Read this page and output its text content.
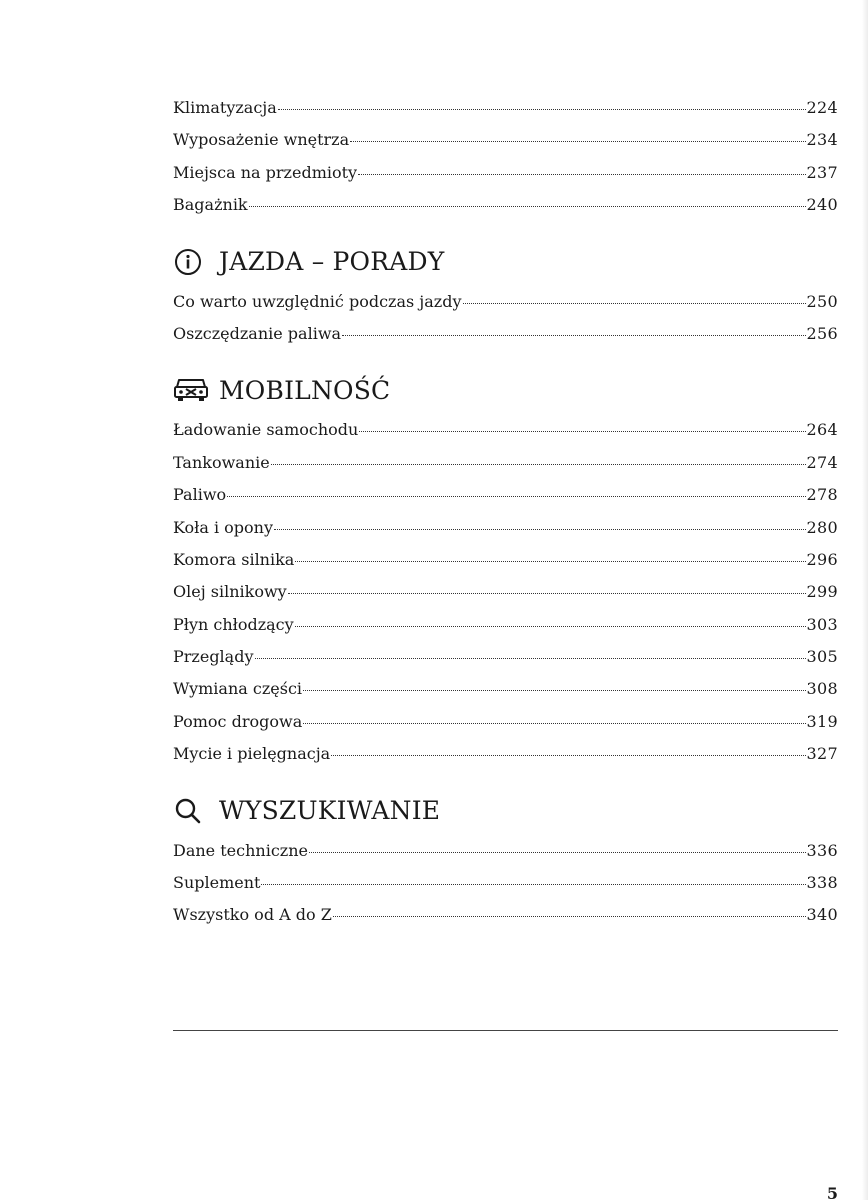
Klimatyzacja	224
Wyposażenie wnętrza	234
Miejsca na przedmioty	237
Bagażnik	240
JAZDA – PORADY
Co warto uwzględnić podczas jazdy	250
Oszczędzanie paliwa	256
MOBILNOŚĆ
Ładowanie samochodu	264
Tankowanie	274
Paliwo	278
Koła i opony	280
Komora silnika	296
Olej silnikowy	299
Płyn chłodzący	303
Przeglądy	305
Wymiana części	308
Pomoc drogowa	319
Mycie i pielęgnacja	327
WYSZUKIWANIE
Dane techniczne	336
Suplement	338
Wszystko od A do Z	340
5
